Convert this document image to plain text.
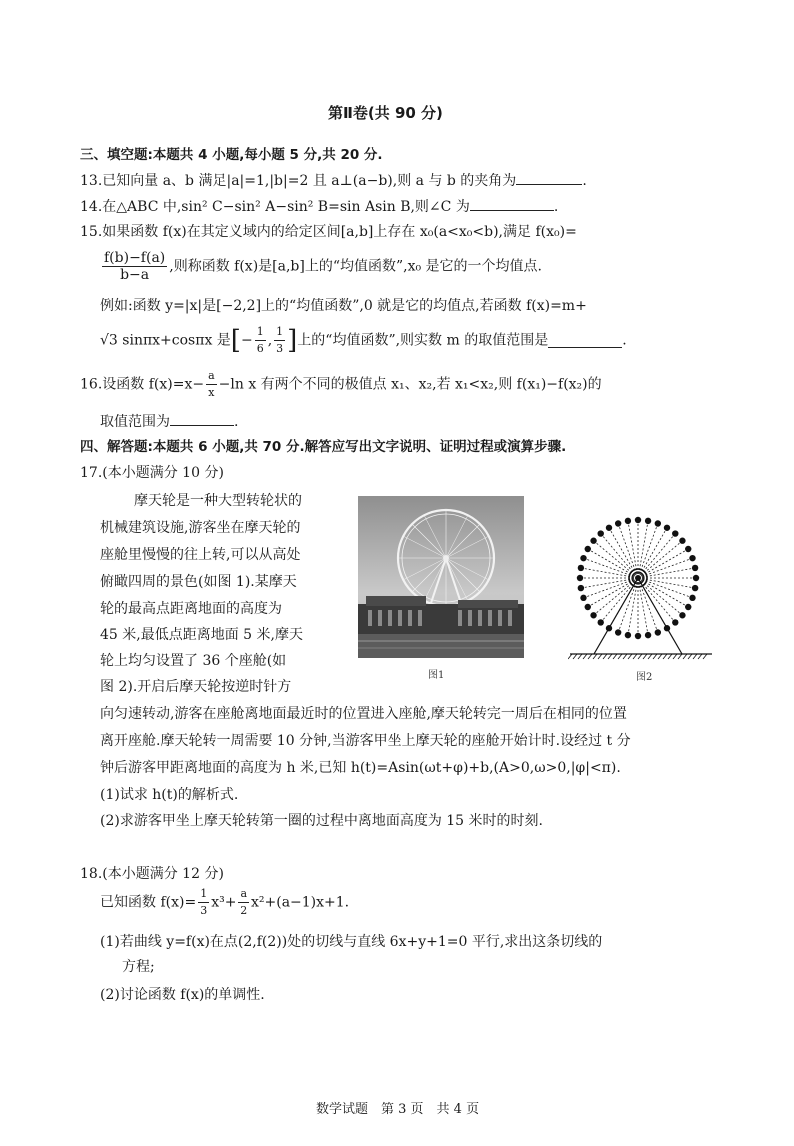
第Ⅱ卷(共 90 分)
三、填空题:本题共 4 小题,每小题 5 分,共 20 分.
13.已知向量 a、b 满足|a|=1,|b|=2 且 a⊥(a−b),则 a 与 b 的夹角为	.
14.在△ABC 中,sin² C−sin² A−sin² B=sin Asin B,则∠C 为	.
15.如果函数 f(x)在其定义域内的给定区间[a,b]上存在 x₀(a<x₀<b),满足 f(x₀)=
$\frac{f(b)-f(a)}{b-a}$ ,则称函数 f(x)是[a,b]上的“均值函数”,x₀ 是它的一个均值点.
例如:函数 y=|x|是[−2,2]上的“均值函数”,0 就是它的均值点,若函数 f(x)=m+
√3 sinπx+cosπx 是[− $\frac{1}{6}$ , $\frac{1}{3}$ ]上的“均值函数”,则实数 m 的取值范围是	.
16.设函数 $f(x)=x- \frac{a}{x} -\ln$ x 有两个不同的极值点 x₁、x₂,若 x₁<x₂,则 f(x₁)−f(x₂)的
取值范围为	.
四、解答题:本题共 6 小题,共 70 分.解答应写出文字说明、证明过程或演算步骤.
17.(本小题满分 10 分)
摩天轮是一种大型转轮状的
机械建筑设施,游客坐在摩天轮的
座舱里慢慢的往上转,可以从高处
俯瞰四周的景色(如图 1).某摩天
轮的最高点距离地面的高度为
45 米,最低点距离地面 5 米,摩天
轮上均匀设置了 36 个座舱(如
图 2).开启后摩天轮按逆时针方
图1	图2
向匀速转动,游客在座舱离地面最近时的位置进入座舱,摩天轮转完一周后在相同的位置
离开座舱.摩天轮转一周需要 10 分钟,当游客甲坐上摩天轮的座舱开始计时.设经过 t 分
钟后游客甲距离地面的高度为 h 米,已知 h(t)=Asin(ωt+φ)+b,(A>0,ω>0,|φ|<π).
(1)试求 h(t)的解析式.
(2)求游客甲坐上摩天轮转第一圈的过程中离地面高度为 15 米时的时刻.
18.(本小题满分 12 分)
已知函数 $f(x)= \frac{1}{3} x^3+ \frac{a}{2} x^2+(a-1)x+1$.
(1)若曲线 y=f(x)在点(2,f(2))处的切线与直线 6x+y+1=0 平行,求出这条切线的
方程;
(2)讨论函数 f(x)的单调性.
数学试题　第 3 页　共 4 页
